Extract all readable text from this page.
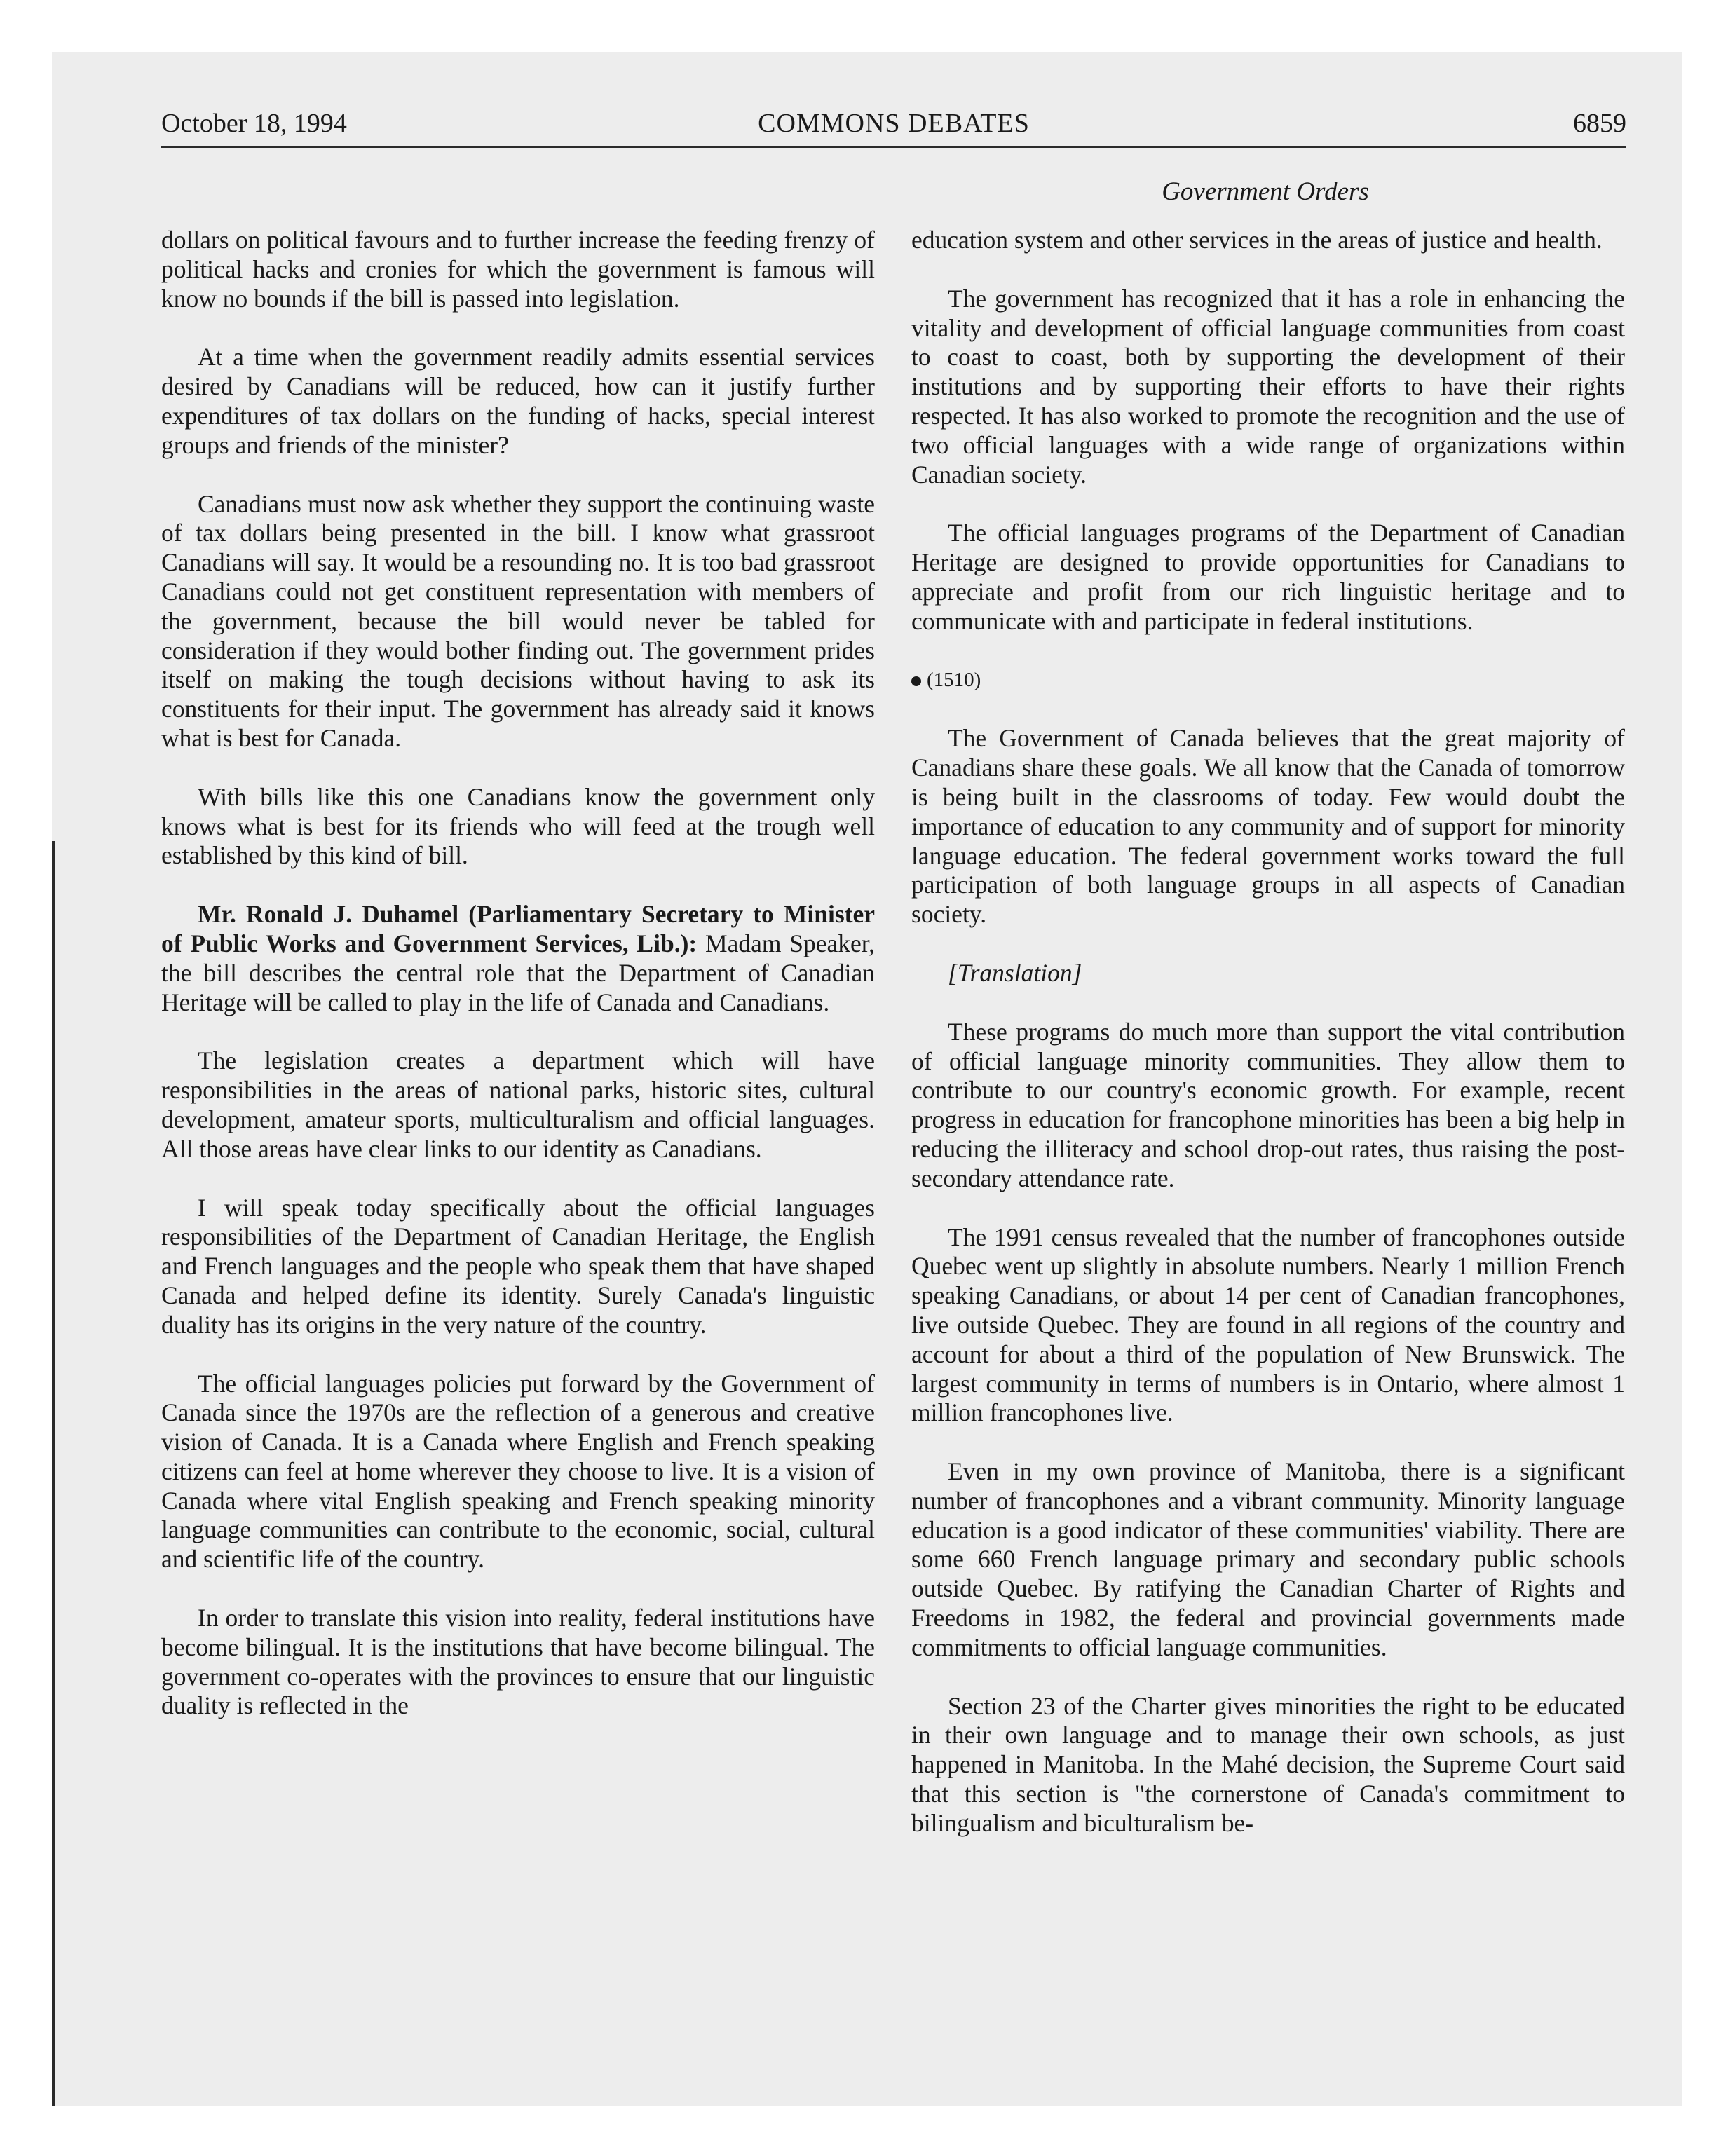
October 18, 1994	COMMONS DEBATES	6859
Government Orders

dollars on political favours and to further increase the feeding frenzy of political hacks and cronies for which the government is famous will know no bounds if the bill is passed into legislation.

At a time when the government readily admits essential services desired by Canadians will be reduced, how can it justify further expenditures of tax dollars on the funding of hacks, special interest groups and friends of the minister?

Canadians must now ask whether they support the continuing waste of tax dollars being presented in the bill. I know what grassroot Canadians will say. It would be a resounding no. It is too bad grassroot Canadians could not get constituent representation with members of the government, because the bill would never be tabled for consideration if they would bother finding out. The government prides itself on making the tough decisions without having to ask its constituents for their input. The government has already said it knows what is best for Canada.

With bills like this one Canadians know the government only knows what is best for its friends who will feed at the trough well established by this kind of bill.

Mr. Ronald J. Duhamel (Parliamentary Secretary to Minister of Public Works and Government Services, Lib.): Madam Speaker, the bill describes the central role that the Department of Canadian Heritage will be called to play in the life of Canada and Canadians.

The legislation creates a department which will have responsibilities in the areas of national parks, historic sites, cultural development, amateur sports, multiculturalism and official languages. All those areas have clear links to our identity as Canadians.

I will speak today specifically about the official languages responsibilities of the Department of Canadian Heritage, the English and French languages and the people who speak them that have shaped Canada and helped define its identity. Surely Canada's linguistic duality has its origins in the very nature of the country.

The official languages policies put forward by the Government of Canada since the 1970s are the reflection of a generous and creative vision of Canada. It is a Canada where English and French speaking citizens can feel at home wherever they choose to live. It is a vision of Canada where vital English speaking and French speaking minority language communities can contribute to the economic, social, cultural and scientific life of the country.

In order to translate this vision into reality, federal institutions have become bilingual. It is the institutions that have become bilingual. The government co-operates with the provinces to ensure that our linguistic duality is reflected in the

education system and other services in the areas of justice and health.

The government has recognized that it has a role in enhancing the vitality and development of official language communities from coast to coast to coast, both by supporting the development of their institutions and by supporting their efforts to have their rights respected. It has also worked to promote the recognition and the use of two official languages with a wide range of organizations within Canadian society.

The official languages programs of the Department of Canadian Heritage are designed to provide opportunities for Canadians to appreciate and profit from our rich linguistic heritage and to communicate with and participate in federal institutions.

(1510)

The Government of Canada believes that the great majority of Canadians share these goals. We all know that the Canada of tomorrow is being built in the classrooms of today. Few would doubt the importance of education to any community and of support for minority language education. The federal government works toward the full participation of both language groups in all aspects of Canadian society.

[Translation]

These programs do much more than support the vital contribution of official language minority communities. They allow them to contribute to our country's economic growth. For example, recent progress in education for francophone minorities has been a big help in reducing the illiteracy and school drop-out rates, thus raising the post-secondary attendance rate.

The 1991 census revealed that the number of francophones outside Quebec went up slightly in absolute numbers. Nearly 1 million French speaking Canadians, or about 14 per cent of Canadian francophones, live outside Quebec. They are found in all regions of the country and account for about a third of the population of New Brunswick. The largest community in terms of numbers is in Ontario, where almost 1 million francophones live.

Even in my own province of Manitoba, there is a significant number of francophones and a vibrant community. Minority language education is a good indicator of these communities' viability. There are some 660 French language primary and secondary public schools outside Quebec. By ratifying the Canadian Charter of Rights and Freedoms in 1982, the federal and provincial governments made commitments to official language communities.

Section 23 of the Charter gives minorities the right to be educated in their own language and to manage their own schools, as just happened in Manitoba. In the Mahé decision, the Supreme Court said that this section is "the cornerstone of Canada's commitment to bilingualism and biculturalism be-
